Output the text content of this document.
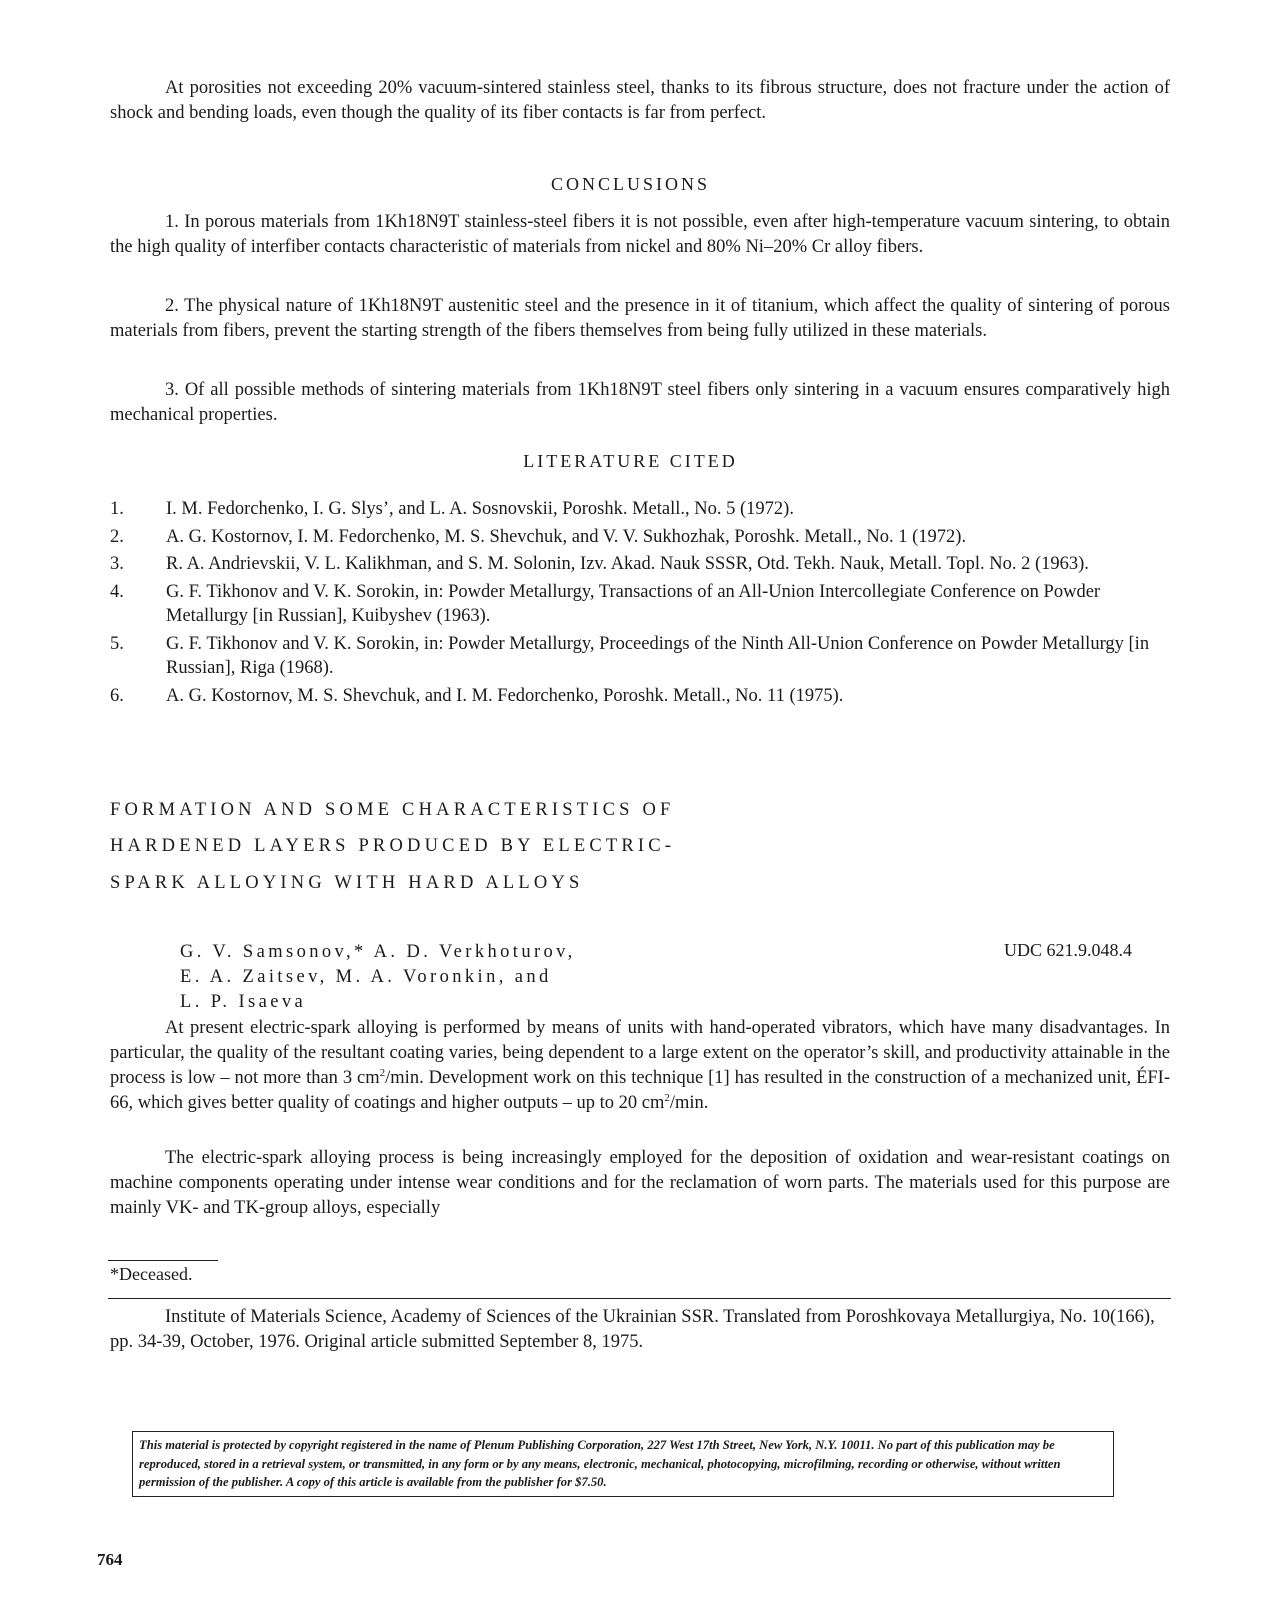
At porosities not exceeding 20% vacuum-sintered stainless steel, thanks to its fibrous structure, does not fracture under the action of shock and bending loads, even though the quality of its fiber contacts is far from perfect.

CONCLUSIONS

1. In porous materials from 1Kh18N9T stainless-steel fibers it is not possible, even after high-temperature vacuum sintering, to obtain the high quality of interfiber contacts characteristic of materials from nickel and 80% Ni–20% Cr alloy fibers.

2. The physical nature of 1Kh18N9T austenitic steel and the presence in it of titanium, which affect the quality of sintering of porous materials from fibers, prevent the starting strength of the fibers themselves from being fully utilized in these materials.

3. Of all possible methods of sintering materials from 1Kh18N9T steel fibers only sintering in a vacuum ensures comparatively high mechanical properties.

LITERATURE CITED

1.	I. M. Fedorchenko, I. G. Slys’, and L. A. Sosnovskii, Poroshk. Metall., No. 5 (1972).
2.	A. G. Kostornov, I. M. Fedorchenko, M. S. Shevchuk, and V. V. Sukhozhak, Poroshk. Metall., No. 1 (1972).
3.	R. A. Andrievskii, V. L. Kalikhman, and S. M. Solonin, Izv. Akad. Nauk SSSR, Otd. Tekh. Nauk, Metall. Topl. No. 2 (1963).
4.	G. F. Tikhonov and V. K. Sorokin, in: Powder Metallurgy, Transactions of an All-Union Intercollegiate Conference on Powder Metallurgy [in Russian], Kuibyshev (1963).
5.	G. F. Tikhonov and V. K. Sorokin, in: Powder Metallurgy, Proceedings of the Ninth All-Union Conference on Powder Metallurgy [in Russian], Riga (1968).
6.	A. G. Kostornov, M. S. Shevchuk, and I. M. Fedorchenko, Poroshk. Metall., No. 11 (1975).

FORMATION AND SOME CHARACTERISTICS OF

HARDENED LAYERS PRODUCED BY ELECTRIC-

SPARK ALLOYING WITH HARD ALLOYS

G. V. Samsonov,* A. D. Verkhoturov,
E. A. Zaitsev, M. A. Voronkin, and
L. P. Isaeva
UDC 621.9.048.4

At present electric-spark alloying is performed by means of units with hand-operated vibrators, which have many disadvantages. In particular, the quality of the resultant coating varies, being dependent to a large extent on the operator’s skill, and productivity attainable in the process is low – not more than 3 $cm^2/\min$. Development work on this technique [1] has resulted in the construction of a mechanized unit, ÉFI-66, which gives better quality of coatings and higher outputs – up to 20 $cm^2/\min$.

The electric-spark alloying process is being increasingly employed for the deposition of oxidation and wear-resistant coatings on machine components operating under intense wear conditions and for the reclamation of worn parts. The materials used for this purpose are mainly VK- and TK-group alloys, especially

*Deceased.

Institute of Materials Science, Academy of Sciences of the Ukrainian SSR. Translated from Poroshkovaya Metallurgiya, No. 10(166), pp. 34-39, October, 1976. Original article submitted September 8, 1975.

This material is protected by copyright registered in the name of Plenum Publishing Corporation, 227 West 17th Street, New York, N.Y. 10011. No part of this publication may be reproduced, stored in a retrieval system, or transmitted, in any form or by any means, electronic, mechanical, photocopying, microfilming, recording or otherwise, without written permission of the publisher. A copy of this article is available from the publisher for $7.50.
764
